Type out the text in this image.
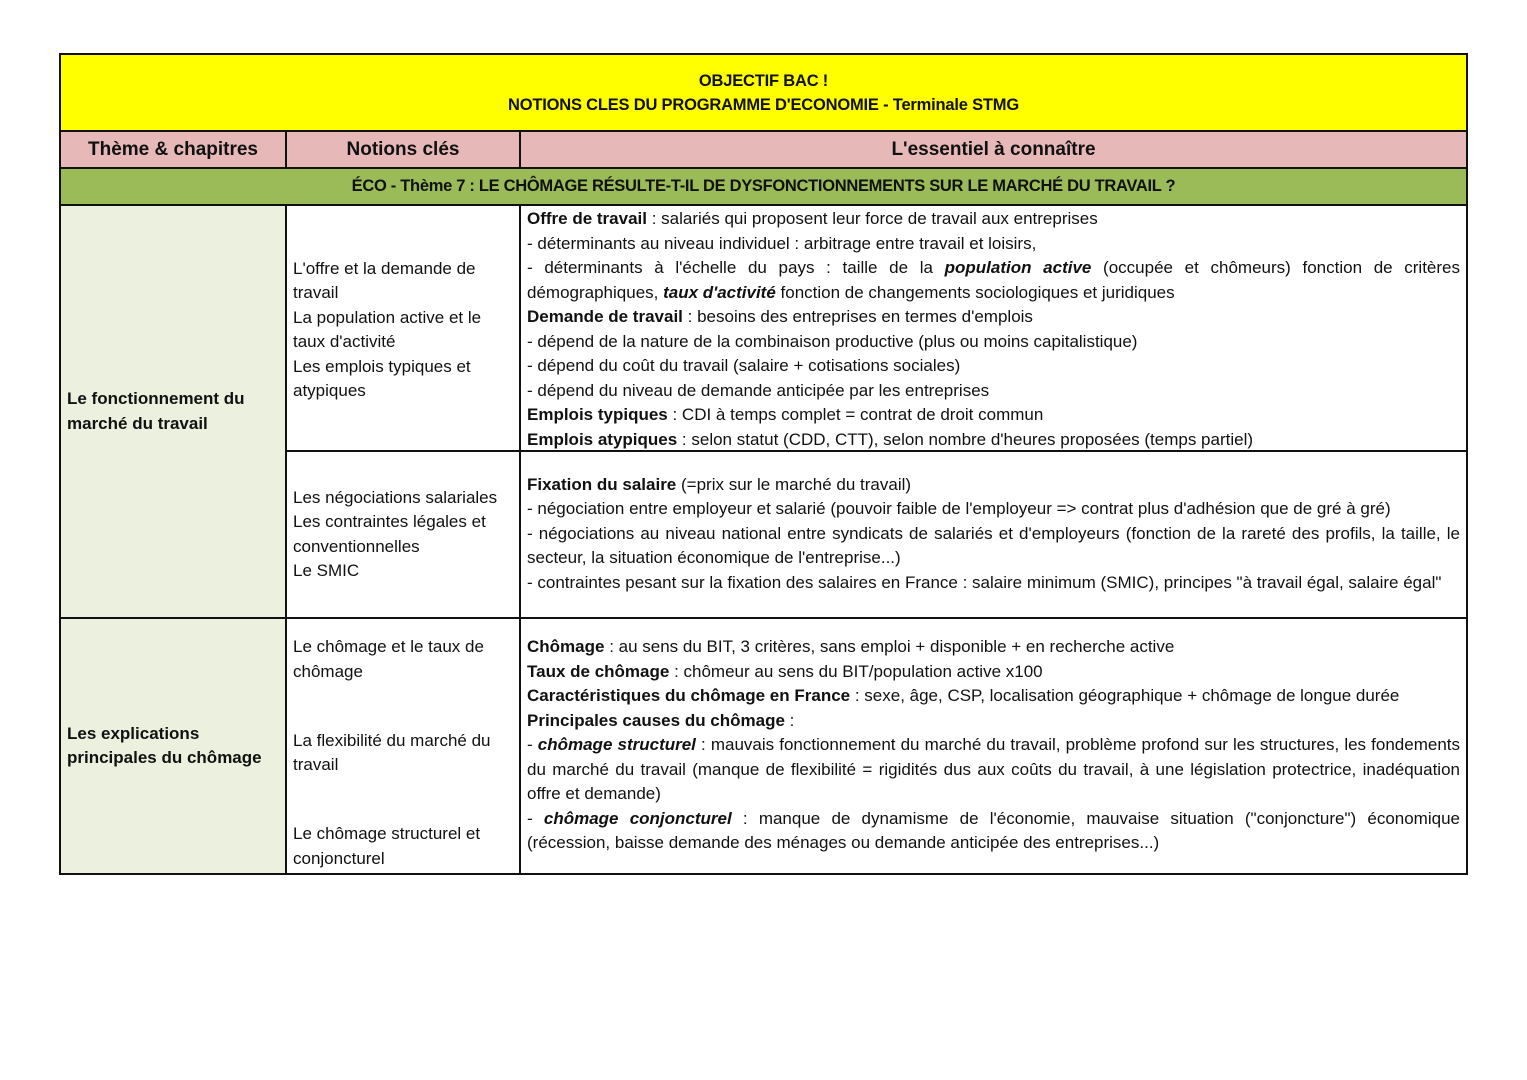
OBJECTIF BAC !
NOTIONS CLES DU PROGRAMME D'ECONOMIE - Terminale STMG
Thème & chapitres	Notions clés	L'essentiel à connaître
ÉCO - Thème 7 : LE CHÔMAGE RÉSULTE-T-IL DE DYSFONCTIONNEMENTS SUR LE MARCHÉ DU TRAVAIL ?
Le fonctionnement du marché du travail
L'offre et la demande de travail
La population active et le taux d'activité
Les emplois typiques et atypiques

Offre de travail : salariés qui proposent leur force de travail aux entreprises

- déterminants au niveau individuel : arbitrage entre travail et loisirs,

- déterminants à l'échelle du pays : taille de la population active (occupée et chômeurs) fonction de critères démographiques, taux d'activité fonction de changements sociologiques et juridiques

Demande de travail : besoins des entreprises en termes d'emplois

- dépend de la nature de la combinaison productive (plus ou moins capitalistique)

- dépend du coût du travail (salaire + cotisations sociales)

- dépend du niveau de demande anticipée par les entreprises

Emplois typiques : CDI à temps complet = contrat de droit commun

Emplois atypiques : selon statut (CDD, CTT), selon nombre d'heures proposées (temps partiel)

Les négociations salariales
Les contraintes légales et conventionnelles
Le SMIC

Fixation du salaire (=prix sur le marché du travail)

- négociation entre employeur et salarié (pouvoir faible de l'employeur => contrat plus d'adhésion que de gré à gré)

- négociations au niveau national entre syndicats de salariés et d'employeurs (fonction de la rareté des profils, la taille, le secteur, la situation économique de l'entreprise...)

- contraintes pesant sur la fixation des salaires en France : salaire minimum (SMIC), principes "à travail égal, salaire égal"

Les explications principales du chômage
Le chômage et le taux de chômage
La flexibilité du marché du travail
Le chômage structurel et conjoncturel

Chômage : au sens du BIT, 3 critères, sans emploi + disponible + en recherche active

Taux de chômage : chômeur au sens du BIT/population active x100

Caractéristiques du chômage en France : sexe, âge, CSP, localisation géographique + chômage de longue durée

Principales causes du chômage :

- chômage structurel : mauvais fonctionnement du marché du travail, problème profond sur les structures, les fondements du marché du travail (manque de flexibilité = rigidités dus aux coûts du travail, à une législation protectrice, inadéquation offre et demande)

- chômage conjoncturel : manque de dynamisme de l'économie, mauvaise situation ("conjoncture") économique (récession, baisse demande des ménages ou demande anticipée des entreprises...)
